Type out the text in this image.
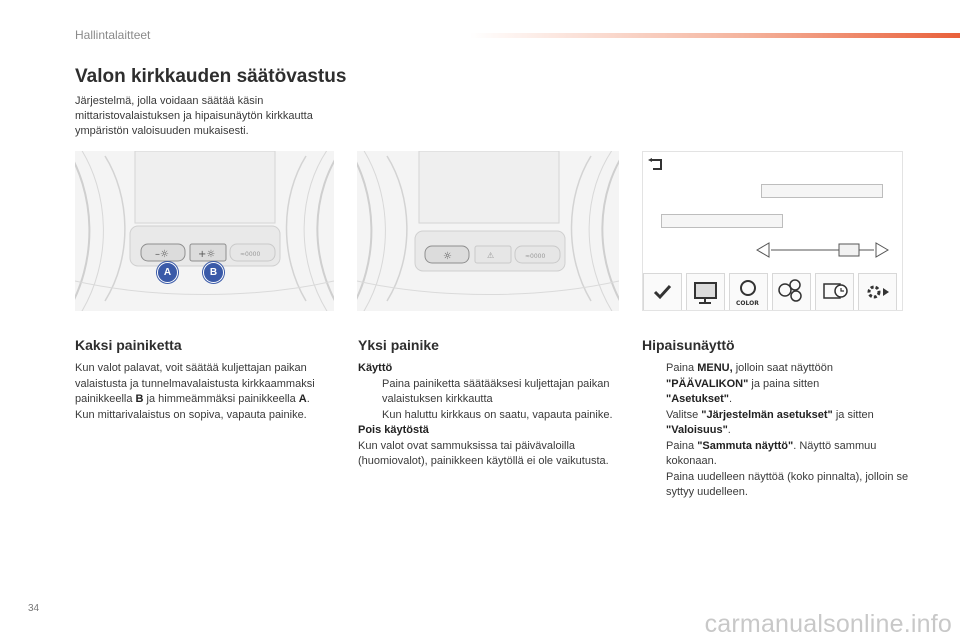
Hallintalaitteet
Valon kirkkauden säätövastus
Järjestelmä, jolla voidaan säätää käsin mittaristovalaistuksen ja hipaisunäytön kirkkautta ympäristön valoisuuden mukaisesti.
–☼	+☼	≈0000
A	B
☼	⚠	≈0000
COLOR
Kaksi painiketta

Kun valot palavat, voit säätää kuljettajan paikan valaistusta ja tunnelmavalaistusta kirkkaammaksi painikkeella B ja himmeämmäksi painikkeella A.

Kun mittarivalaistus on sopiva, vapauta painike.

Yksi painike

Käyttö

Paina painiketta säätääksesi kuljettajan paikan valaistuksen kirkkautta

Kun haluttu kirkkaus on saatu, vapauta painike.

Pois käytöstä

Kun valot ovat sammuksissa tai päivävaloilla (huomiovalot), painikkeen käytöllä ei ole vaikutusta.

Hipaisunäyttö

Paina MENU, jolloin saat näyttöön
"PÄÄVALIKON" ja paina sitten
"Asetukset".

Valitse "Järjestelmän asetukset" ja sitten
"Valoisuus".

Paina "Sammuta näyttö". Näyttö sammuu kokonaan.
Paina uudelleen näyttöä (koko pinnalta), jolloin se syttyy uudelleen.

34
carmanualsonline.info
